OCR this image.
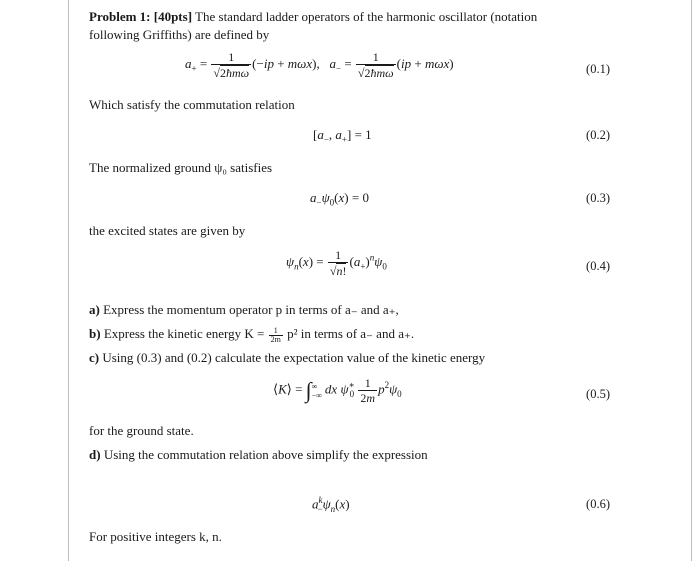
Problem 1: [40pts] The standard ladder operators of the harmonic oscillator (notation
following Griffiths) are defined by
$a_+ = \frac{1}{\text{√2ħmω}} (-ip + m\omega x)$,   $a_- = \frac{1}{\text{√2ħmω}} (ip + m\omega x)$	(0.1)
Which satisfy the commutation relation
[$a_-$, $a_+] = 1$	(0.2)
The normalized ground ψ₀ satisfies
$a_-\psi_0(x) = 0$	(0.3)
the excited states are given by
$\psi_n(x) = \frac{1}{√n!} (a_+)^n\psi_0$	(0.4)
a) Express the momentum operator p in terms of a₋ and a₊,
b) Express the kinetic energy $K = \frac{1}{2m} p^2$ in terms of a₋ and a₊.
c) Using (0.3) and (0.2) calculate the expectation value of the kinetic energy
⟨K⟩ = ∫∞
−∞ dx $\psi^∗_0 \frac{1}{2m} p^2\psi_0$	(0.5)
for the ground state.
d) Using the commutation relation above simplify the expression
$a^k_-\psi_n(x)$	(0.6)
For positive integers k, n.
